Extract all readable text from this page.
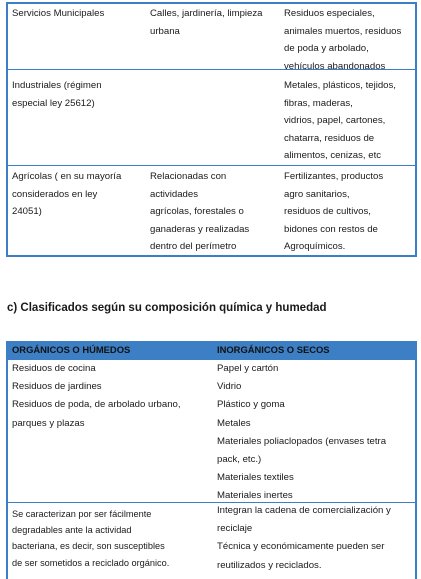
Servicios Municipales	Calles, jardinería, limpieza
urbana
Residuos especiales,
animales muertos, residuos
de poda y arbolado,
vehículos abandonados
Industriales (régimen
especial ley 25612)
Metales, plásticos, tejidos,
fibras, maderas,
vidrios, papel, cartones,
chatarra, residuos de
alimentos, cenizas, etc
Agrícolas ( en su mayoría
considerados en ley
24051)
Relacionadas con
actividades
agrícolas, forestales o
ganaderas y realizadas
dentro del perímetro
Fertilizantes, productos
agro sanitarios,
residuos de cultivos,
bidones con restos de
Agroquímicos.
c) Clasificados según su composición química y humedad
ORGÁNICOS O HÚMEDOS	INORGÁNICOS O SECOS
Residuos de cocina
Residuos de jardines
Residuos de poda, de arbolado urbano,
parques y plazas
Papel y cartón
Vidrio
Plástico y goma
Metales
Materiales poliaclopados (envases tetra
pack, etc.)
Materiales textiles
Materiales inertes
Se caracterizan por ser fácilmente
degradables ante la actividad
bacteriana, es decir, son susceptibles
de ser sometidos a reciclado orgánico.
Integran la cadena de comercialización y
reciclaje
Técnica y económicamente pueden ser
reutilizados y reciclados.
